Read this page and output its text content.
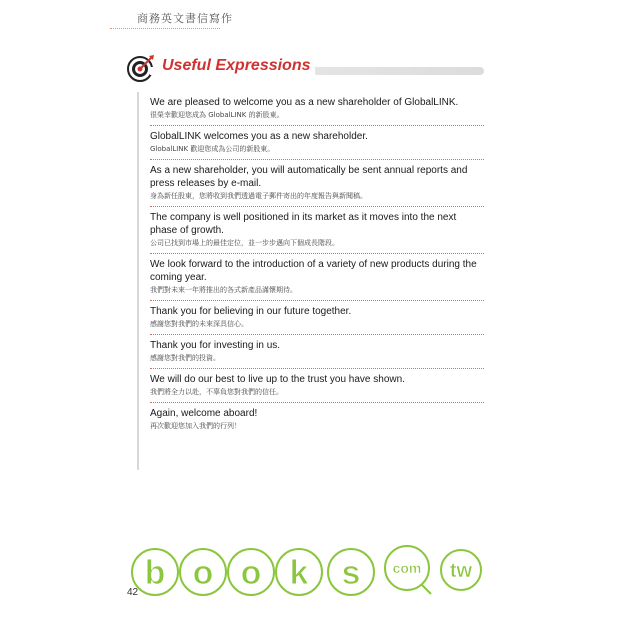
商務英文書信寫作
Useful Expressions
We are pleased to welcome you as a new shareholder of GlobalLINK.
很榮幸歡迎您成為 GlobalLINK 的新股東。
GlobalLINK welcomes you as a new shareholder.
GlobalLINK 歡迎您成為公司的新股東。
As a new shareholder, you will automatically be sent annual reports and press releases by e-mail.
身為新任股東，您將收到我們透過電子郵件寄出的年度報告與新聞稿。
The company is well positioned in its market as it moves into the next phase of growth.
公司已找到市場上的最佳定位，並一步步邁向下個成長階段。
We look forward to the introduction of a variety of new products during the coming year.
我們對未來一年將推出的各式新產品滿懷期待。
Thank you for believing in our future together.
感謝您對我們的未來深具信心。
Thank you for investing in us.
感謝您對我們的投資。
We will do our best to live up to the trust you have shown.
我們將全力以赴，不辜負您對我們的信任。
Again, welcome aboard!
再次歡迎您加入我們的行列！
b o o k s com tw
42
